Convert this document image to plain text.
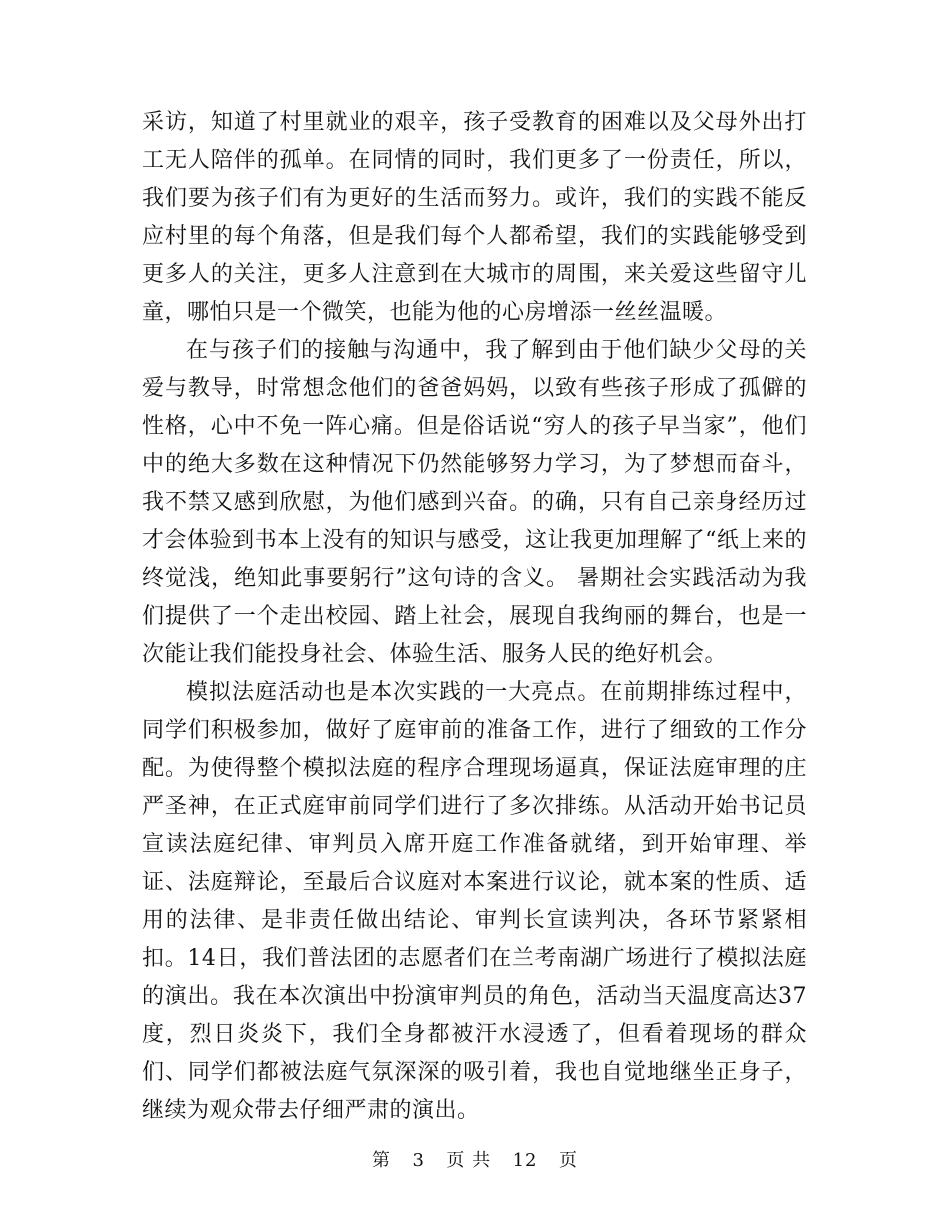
采访，知道了村里就业的艰辛，孩子受教育的困难以及父母外出打工无人陪伴的孤单。在同情的同时，我们更多了一份责任，所以，我们要为孩子们有为更好的生活而努力。或许，我们的实践不能反应村里的每个角落，但是我们每个人都希望，我们的实践能够受到更多人的关注，更多人注意到在大城市的周围，来关爱这些留守儿童，哪怕只是一个微笑，也能为他的心房增添一丝丝温暖。

在与孩子们的接触与沟通中，我了解到由于他们缺少父母的关爱与教导，时常想念他们的爸爸妈妈，以致有些孩子形成了孤僻的性格，心中不免一阵心痛。但是俗话说“穷人的孩子早当家”，他们中的绝大多数在这种情况下仍然能够努力学习，为了梦想而奋斗，我不禁又感到欣慰，为他们感到兴奋。的确，只有自己亲身经历过才会体验到书本上没有的知识与感受，这让我更加理解了“纸上来的终觉浅，绝知此事要躬行”这句诗的含义。 暑期社会实践活动为我们提供了一个走出校园、踏上社会，展现自我绚丽的舞台，也是一次能让我们能投身社会、体验生活、服务人民的绝好机会。

模拟法庭活动也是本次实践的一大亮点。在前期排练过程中，同学们积极参加，做好了庭审前的准备工作，进行了细致的工作分配。为使得整个模拟法庭的程序合理现场逼真，保证法庭审理的庄严圣神，在正式庭审前同学们进行了多次排练。从活动开始书记员宣读法庭纪律、审判员入席开庭工作准备就绪，到开始审理、举证、法庭辩论，至最后合议庭对本案进行议论，就本案的性质、适用的法律、是非责任做出结论、审判长宣读判决，各环节紧紧相扣。14日，我们普法团的志愿者们在兰考南湖广场进行了模拟法庭的演出。我在本次演出中扮演审判员的角色，活动当天温度高达37度，烈日炎炎下，我们全身都被汗水浸透了，但看着现场的群众们、同学们都被法庭气氛深深的吸引着，我也自觉地继坐正身子，继续为观众带去仔细严肃的演出。

第 3 页 共 12 页
